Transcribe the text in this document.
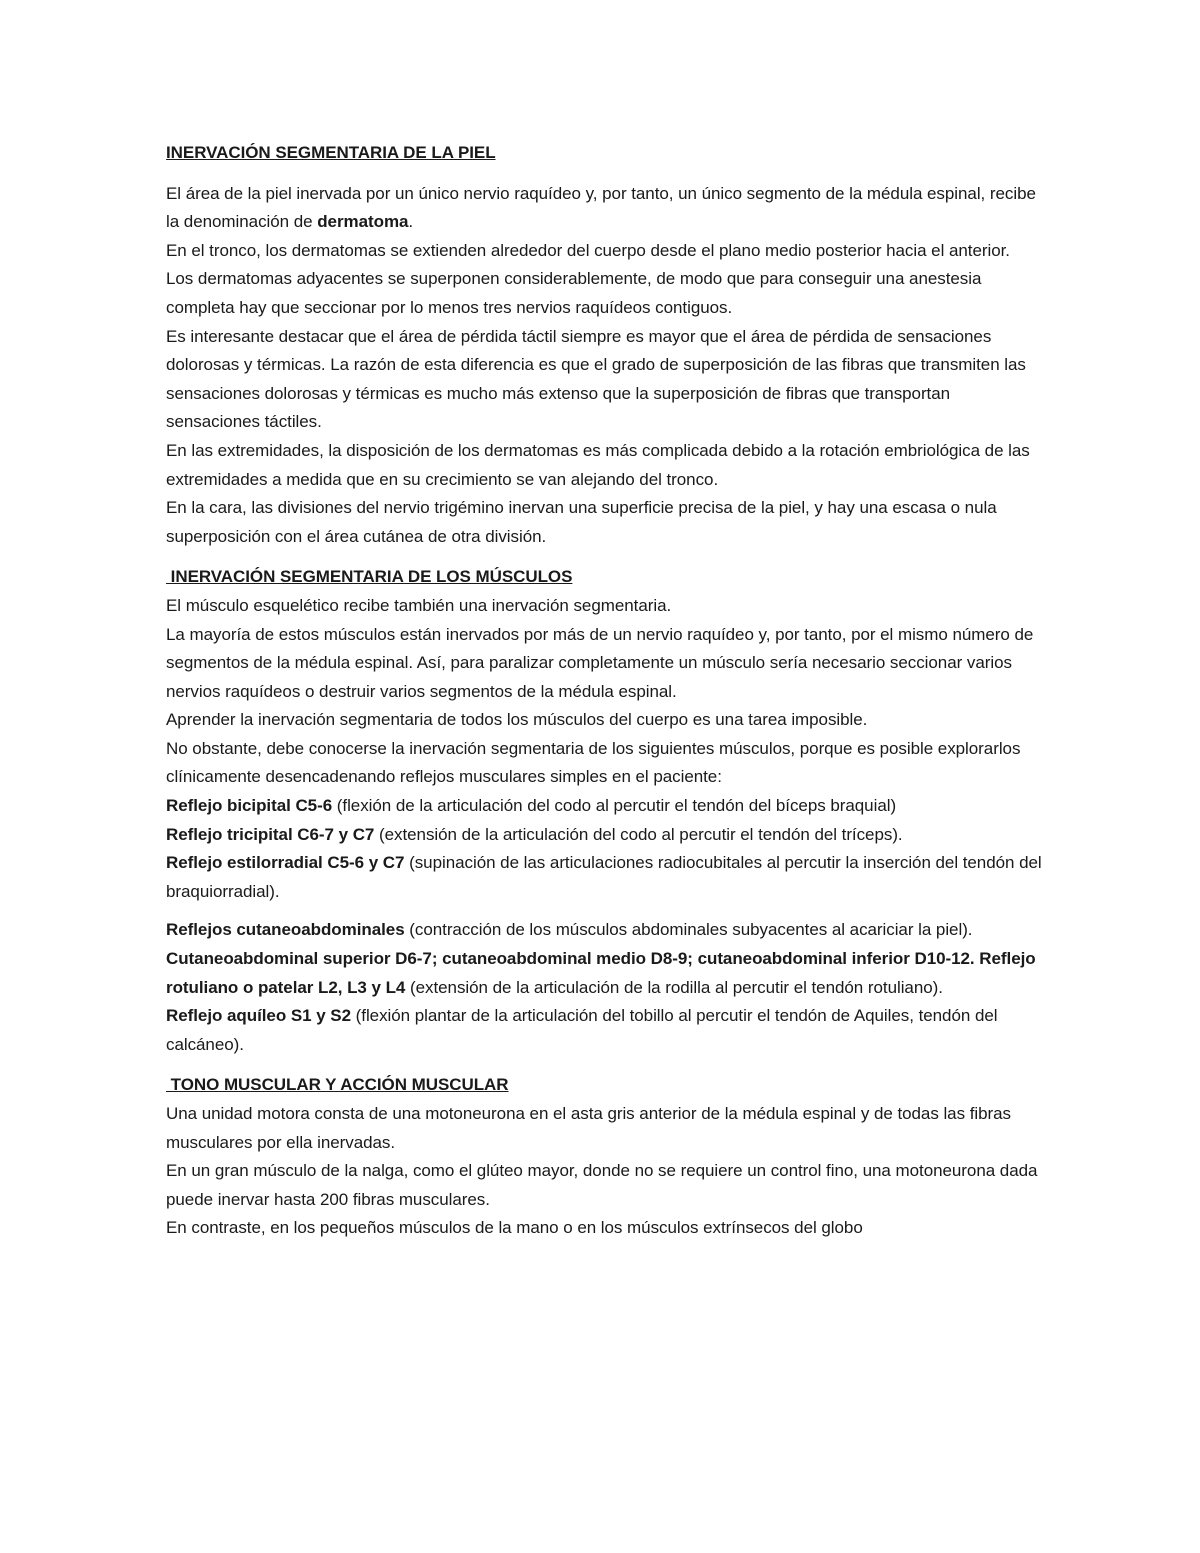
INERVACIÓN SEGMENTARIA DE LA PIEL

El área de la piel inervada por un único nervio raquídeo y, por tanto, un único segmento de la médula espinal, recibe la denominación de dermatoma.

En el tronco, los dermatomas se extienden alrededor del cuerpo desde el plano medio posterior hacia el anterior.

Los dermatomas adyacentes se superponen considerablemente, de modo que para conseguir una anestesia completa hay que seccionar por lo menos tres nervios raquídeos contiguos.

Es interesante destacar que el área de pérdida táctil siempre es mayor que el área de pérdida de sensaciones dolorosas y térmicas. La razón de esta diferencia es que el grado de superposición de las fibras que transmiten las sensaciones dolorosas y térmicas es mucho más extenso que la superposición de fibras que transportan sensaciones táctiles.

En las extremidades, la disposición de los dermatomas es más complicada debido a la rotación embriológica de las extremidades a medida que en su crecimiento se van alejando del tronco.

En la cara, las divisiones del nervio trigémino inervan una superficie precisa de la piel, y hay una escasa o nula superposición con el área cutánea de otra división.

INERVACIÓN SEGMENTARIA DE LOS MÚSCULOS

El músculo esquelético recibe también una inervación segmentaria.

La mayoría de estos músculos están inervados por más de un nervio raquídeo y, por tanto, por el mismo número de segmentos de la médula espinal. Así, para paralizar completamente un músculo sería necesario seccionar varios nervios raquídeos o destruir varios segmentos de la médula espinal.

Aprender la inervación segmentaria de todos los músculos del cuerpo es una tarea imposible.

No obstante, debe conocerse la inervación segmentaria de los siguientes músculos, porque es posible explorarlos clínicamente desencadenando reflejos musculares simples en el paciente:

Reflejo bicipital C5-6 (flexión de la articulación del codo al percutir el tendón del bíceps braquial)

Reflejo tricipital C6-7 y C7 (extensión de la articulación del codo al percutir el tendón del tríceps).

Reflejo estilorradial C5-6 y C7 (supinación de las articulaciones radiocubitales al percutir la inserción del tendón del braquiorradial).

Reflejos cutaneoabdominales (contracción de los músculos abdominales subyacentes al acariciar la piel).

Cutaneoabdominal superior D6-7; cutaneoabdominal medio D8-9; cutaneoabdominal inferior D10-12. Reflejo rotuliano o patelar L2, L3 y L4 (extensión de la articulación de la rodilla al percutir el tendón rotuliano).

Reflejo aquíleo S1 y S2 (flexión plantar de la articulación del tobillo al percutir el tendón de Aquiles, tendón del calcáneo).

TONO MUSCULAR Y ACCIÓN MUSCULAR

Una unidad motora consta de una motoneurona en el asta gris anterior de la médula espinal y de todas las fibras musculares por ella inervadas.

En un gran músculo de la nalga, como el glúteo mayor, donde no se requiere un control fino, una motoneurona dada puede inervar hasta 200 fibras musculares.

En contraste, en los pequeños músculos de la mano o en los músculos extrínsecos del globo
